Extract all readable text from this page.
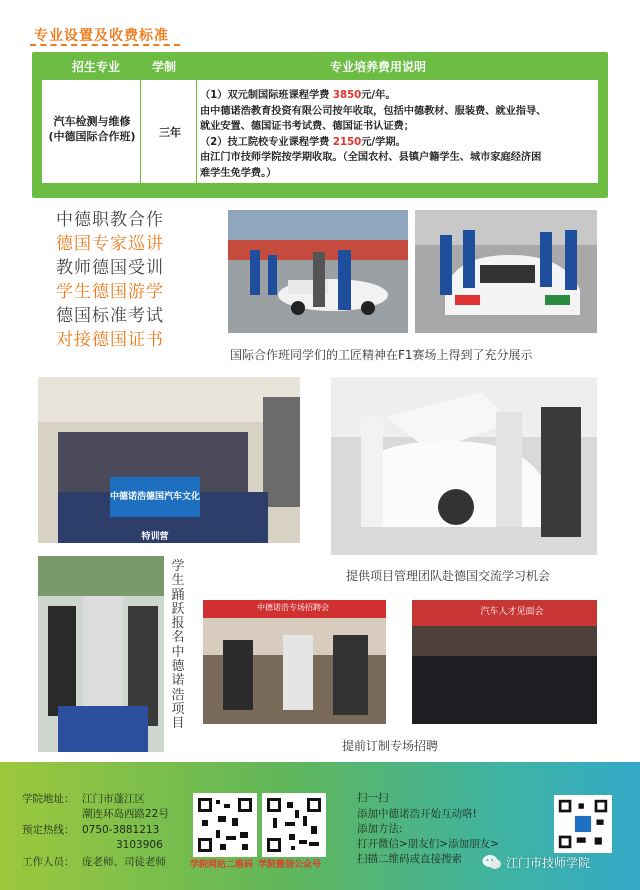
专业设置及收费标准
招生专业	学制	专业培养费用说明
汽车检测与维修
(中德国际合作班)	三年
（1）双元制国际班课程学费 3850元/年。
由中德诺浩教育投资有限公司按年收取，包括中德教材、服装费、就业指导、
就业安置、德国证书考试费、德国证书认证费；
（2）技工院校专业课程学费 2150元/学期。
由江门市技师学院按学期收取。（全国农村、县镇户籍学生、城市家庭经济困
难学生免学费。）
中德职教合作
德国专家巡讲
教师德国受训
学生德国游学
德国标准考试
对接德国证书
国际合作班同学们的工匠精神在F1赛场上得到了充分展示
中德诺浩德国汽车文化特训营
提供项目管理团队赴德国交流学习机会
学生踊跃报名中德诺浩项目
中德诺浩专场招聘会	汽车人才见面会
提前订制专场招聘
学院地址： 江门市蓬江区
潮连环岛西路22号
预定热线： 0750-3881213
3103906
工作人员： 庞老师、司徒老师	学院网站二维码 学院微信公众号
扫一扫
添加中德诺浩开始互动咯!
添加方法:
打开微信>朋友们>添加朋友>
扫描二维码或直接搜索	江门市技师学院
